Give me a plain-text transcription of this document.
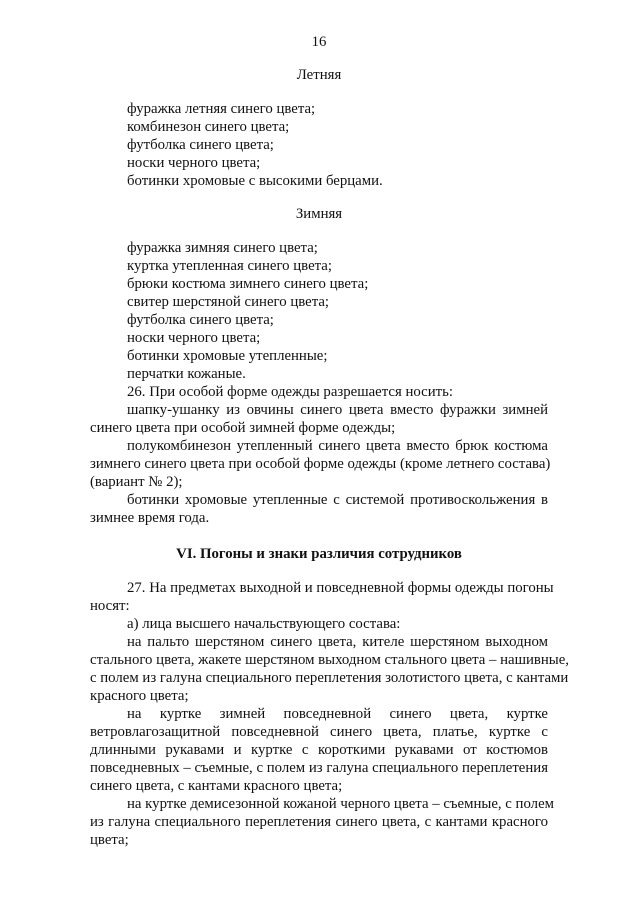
16
Летняя
фуражка летняя синего цвета;
комбинезон синего цвета;
футболка синего цвета;
носки черного цвета;
ботинки хромовые с высокими берцами.
Зимняя
фуражка зимняя синего цвета;
куртка утепленная синего цвета;
брюки костюма зимнего синего цвета;
свитер шерстяной синего цвета;
футболка синего цвета;
носки черного цвета;
ботинки хромовые утепленные;
перчатки кожаные.
26. При особой форме одежды разрешается носить:
шапку-ушанку из овчины синего цвета вместо фуражки зимней
синего цвета при особой зимней форме одежды;
полукомбинезон утепленный синего цвета вместо брюк костюма
зимнего синего цвета при особой форме одежды (кроме летнего состава)
(вариант № 2);
ботинки хромовые утепленные с системой противоскольжения в
зимнее время года.
VI. Погоны и знаки различия сотрудников
27. На предметах выходной и повседневной формы одежды погоны
носят:
а) лица высшего начальствующего состава:
на пальто шерстяном синего цвета, кителе шерстяном выходном
стального цвета, жакете шерстяном выходном стального цвета – нашивные,
с полем из галуна специального переплетения золотистого цвета, с кантами
красного цвета;
на куртке зимней повседневной синего цвета, куртке
ветровлагозащитной повседневной синего цвета, платье, куртке с
длинными рукавами и куртке с короткими рукавами от костюмов
повседневных – съемные, с полем из галуна специального переплетения
синего цвета, с кантами красного цвета;
на куртке демисезонной кожаной черного цвета – съемные, с полем
из галуна специального переплетения синего цвета, с кантами красного
цвета;
